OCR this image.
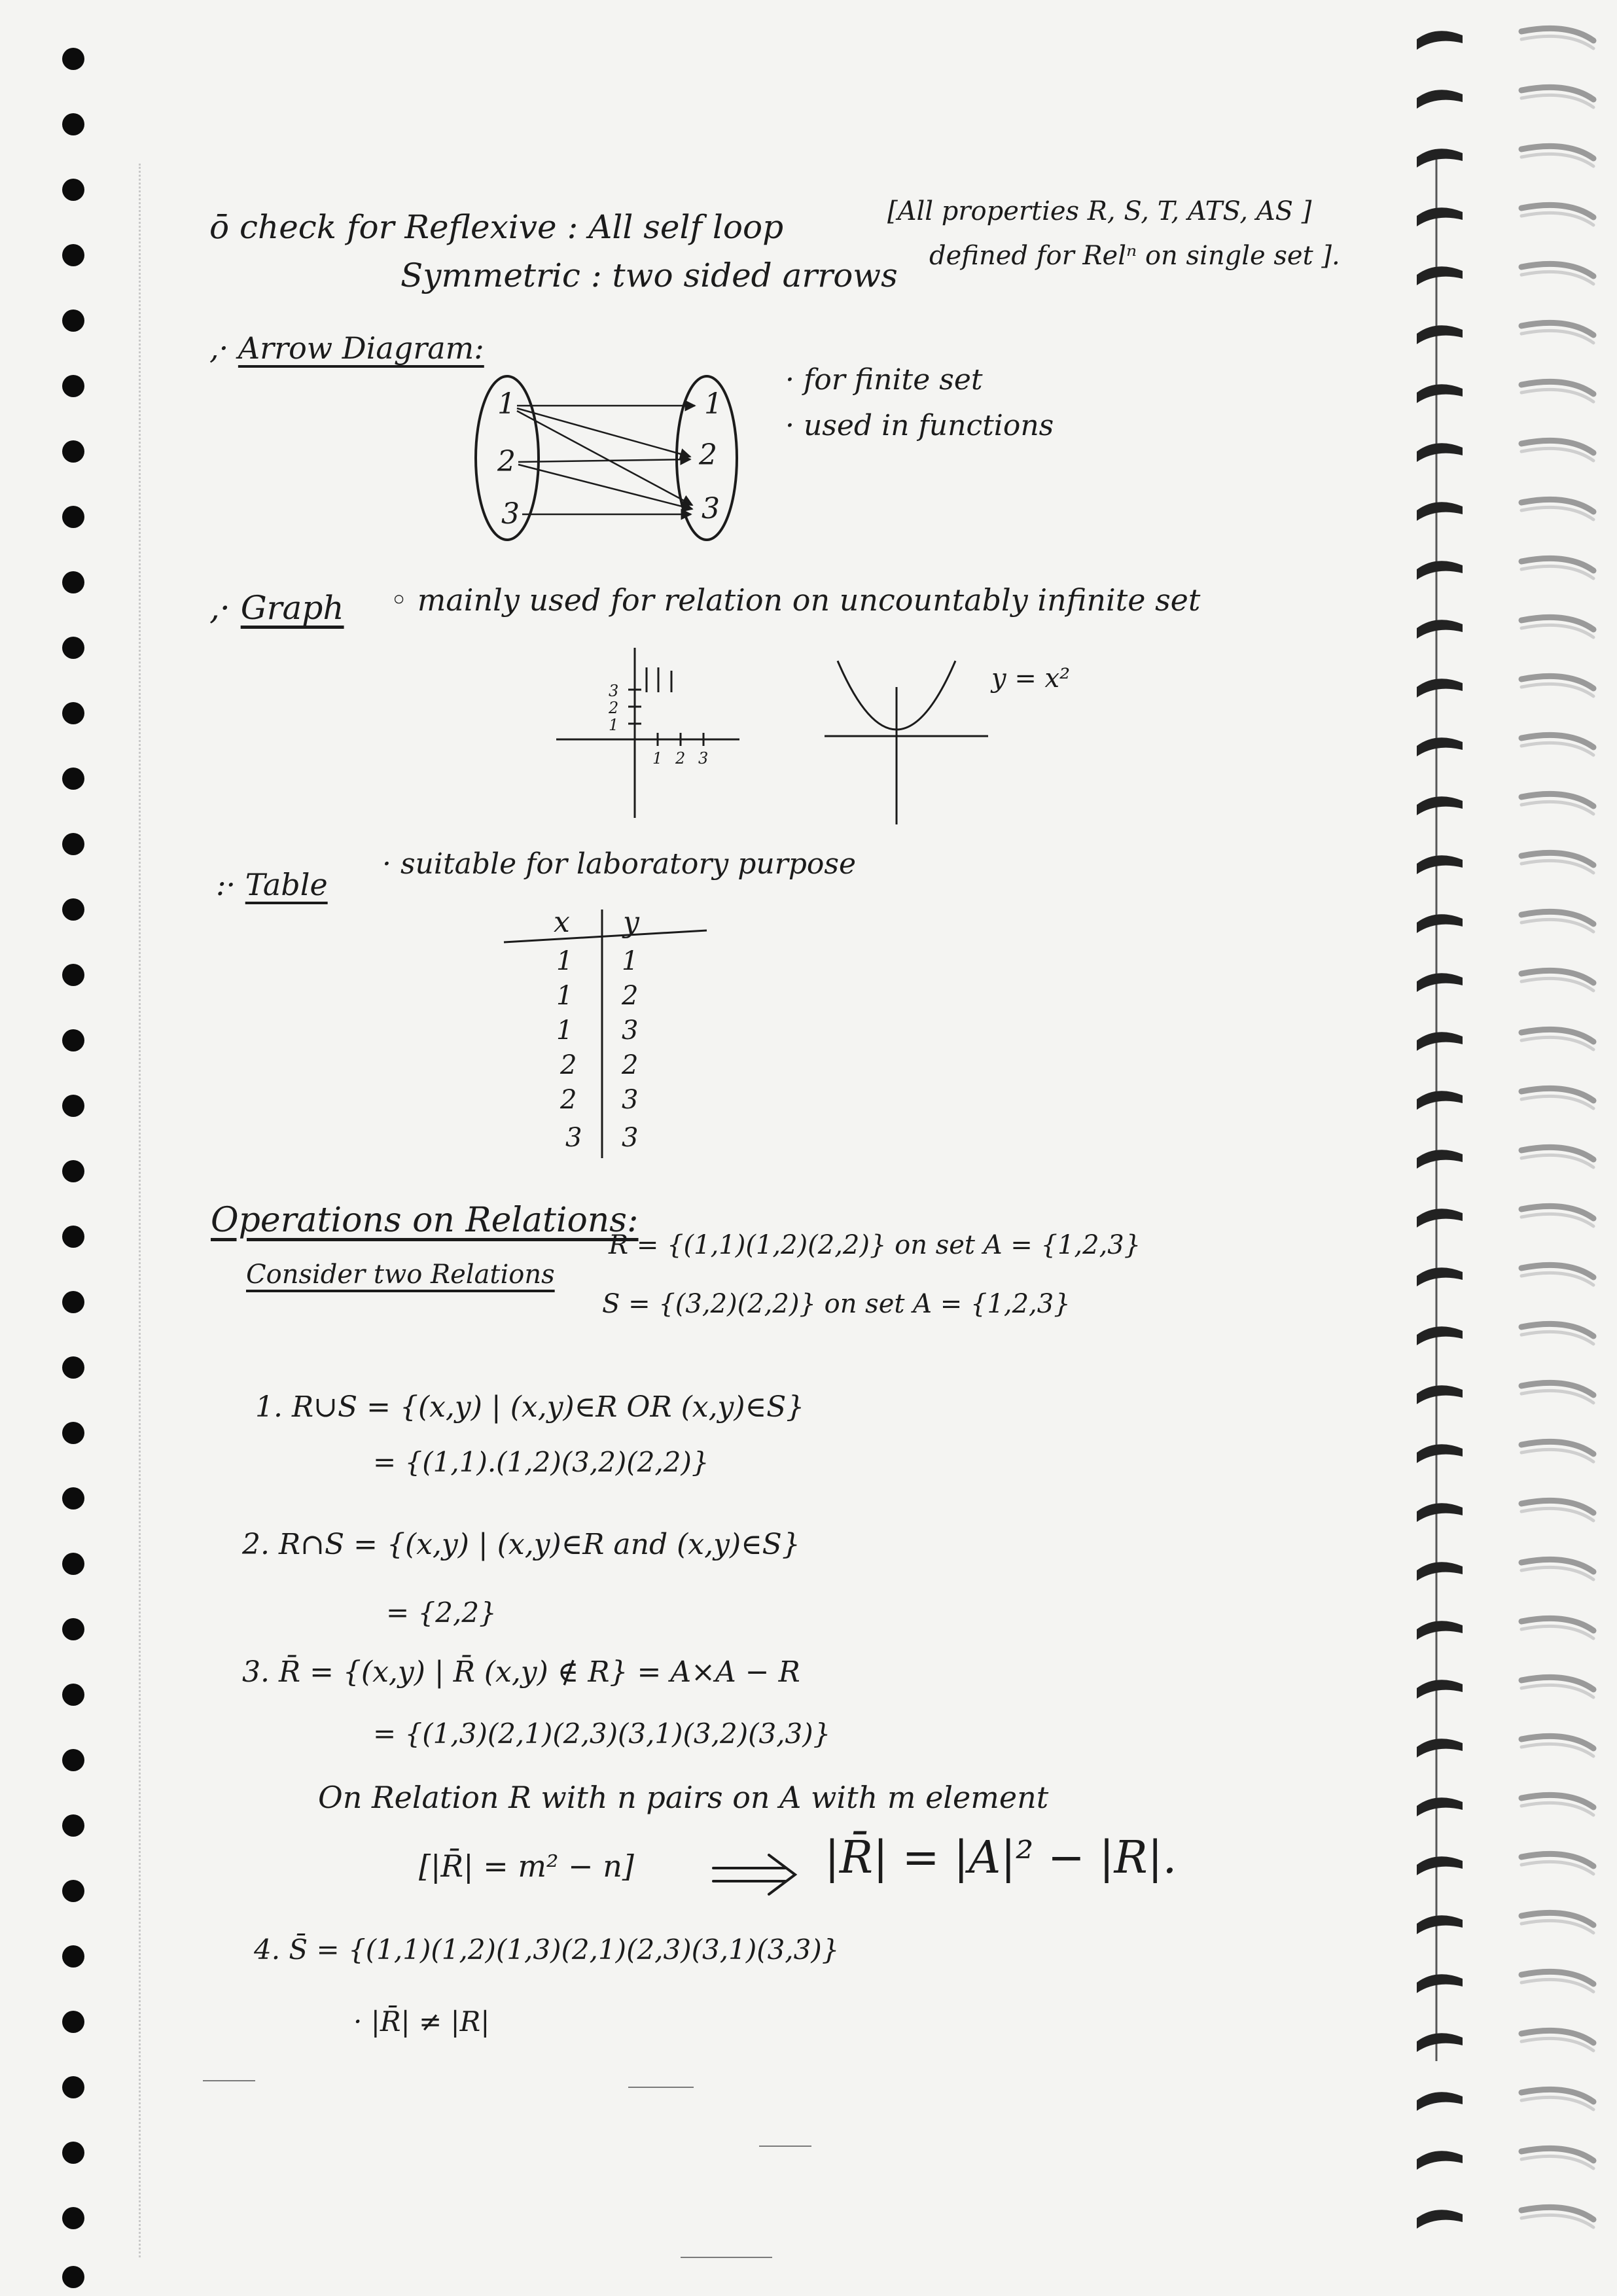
ō check for Reflexive : All self loop
Symmetric : two sided arrows
[All properties R, S, T, ATS, AS ]
defined for Relⁿ on single set ].
,· Arrow Diagram:
1
2
3
1
2
3
· for finite set
· used in functions
,· Graph ◦ mainly used for relation on uncountably infinite set
1
2
3
1 2 3
y = x²
:· Table
· suitable for laboratory purpose
x y
1 1
1 2
1 3
2 2
2 3
3 3
Operations on Relations:
Consider two Relations
R = {(1,1)(1,2)(2,2)} on set A = {1,2,3}
S = {(3,2)(2,2)} on set A = {1,2,3}
1. R∪S = {(x,y) | (x,y)∈R OR (x,y)∈S}
= {(1,1).(1,2)(3,2)(2,2)}
2. R∩S = {(x,y) | (x,y)∈R and (x,y)∈S}
= {2,2}
3. R̄ = {(x,y) | R̄ (x,y) ∉ R} = A×A − R
= {(1,3)(2,1)(2,3)(3,1)(3,2)(3,3)}
On Relation R with n pairs on A with m element
[|R̄| = m² − n]	|R̄| = |A|² − |R|.
4. S̄ = {(1,1)(1,2)(1,3)(2,1)(2,3)(3,1)(3,3)}
· |R̄| ≠ |R|
